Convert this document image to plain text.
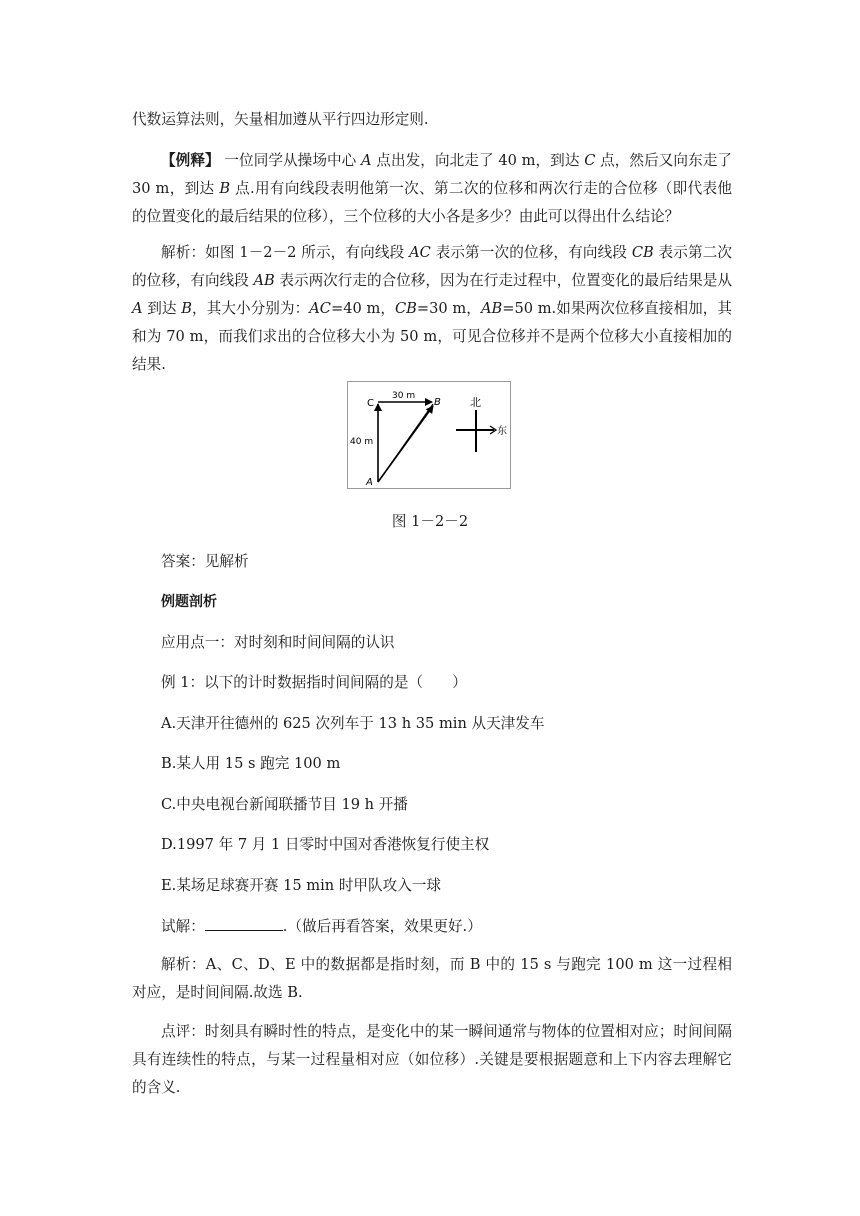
代数运算法则，矢量相加遵从平行四边形定则.

【例释】 一位同学从操场中心 A 点出发，向北走了 40 m，到达 C 点，然后又向东走了 30 m，到达 B 点.用有向线段表明他第一次、第二次的位移和两次行走的合位移（即代表他的位置变化的最后结果的位移），三个位移的大小各是多少？由此可以得出什么结论？

解析：如图 1－2－2 所示，有向线段 AC 表示第一次的位移，有向线段 CB 表示第二次的位移，有向线段 AB 表示两次行走的合位移，因为在行走过程中，位置变化的最后结果是从 A 到达 B，其大小分别为：AC=40 m，CB=30 m，AB=50 m.如果两次位移直接相加，其和为 70 m，而我们求出的合位移大小为 50 m，可见合位移并不是两个位移大小直接相加的结果.

C	B
A
30 m
40 m
北
东
图 1－2－2

答案：见解析

例题剖析

应用点一：对时刻和时间间隔的认识

例 1：以下的计时数据指时间间隔的是（　　）

A.天津开往德州的 625 次列车于 13 h 35 min 从天津发车

B.某人用 15 s 跑完 100 m

C.中央电视台新闻联播节目 19 h 开播

D.1997 年 7 月 1 日零时中国对香港恢复行使主权

E.某场足球赛开赛 15 min 时甲队攻入一球

试解：	.（做后再看答案，效果更好.）

解析：A、C、D、E 中的数据都是指时刻，而 B 中的 15 s 与跑完 100 m 这一过程相对应，是时间间隔.故选 B.

点评：时刻具有瞬时性的特点，是变化中的某一瞬间通常与物体的位置相对应；时间间隔具有连续性的特点，与某一过程量相对应（如位移）.关键是要根据题意和上下内容去理解它的含义.
